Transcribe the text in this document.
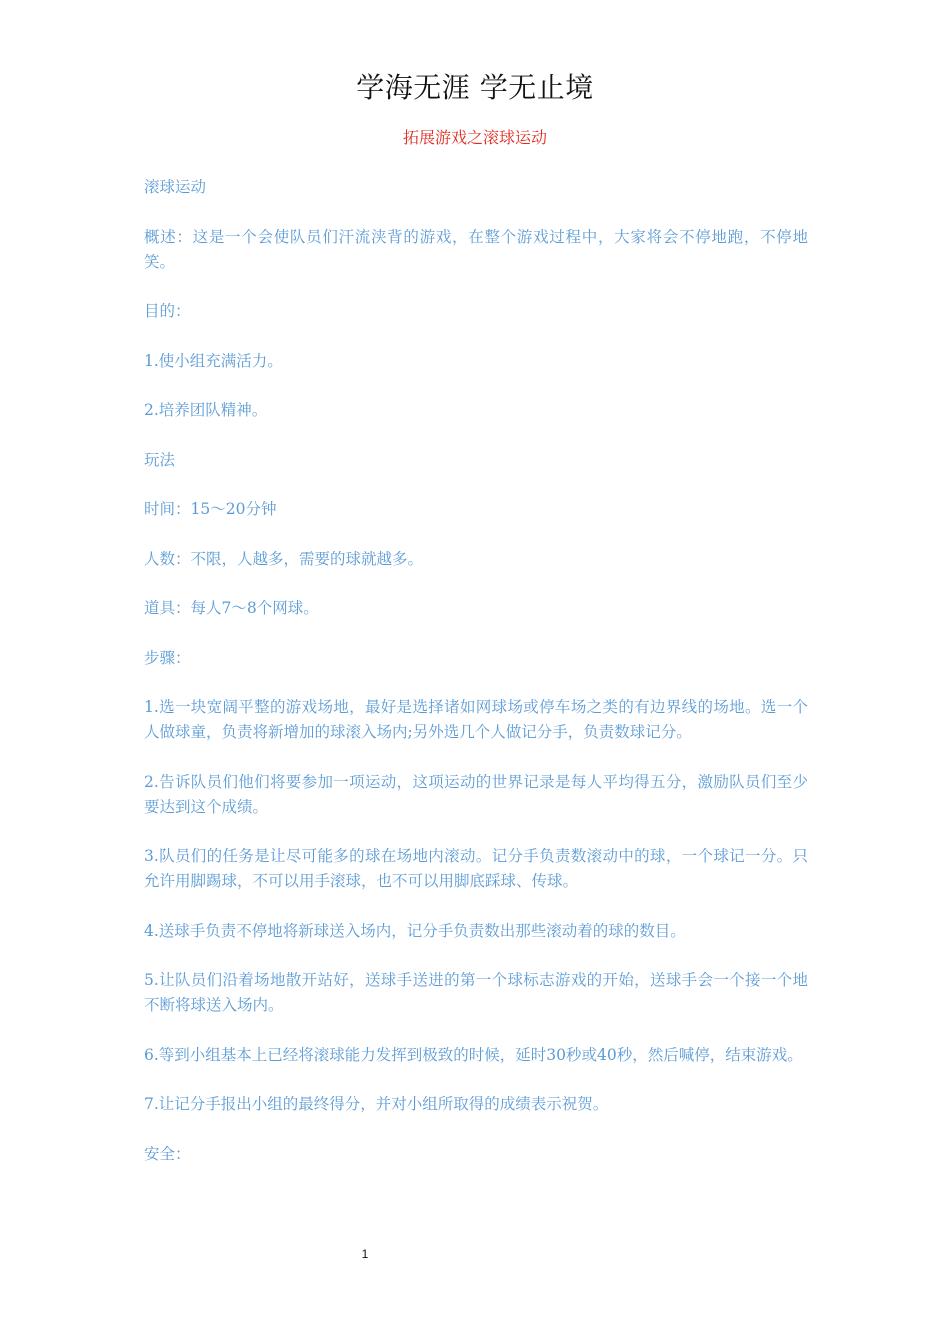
学海无涯 学无止境
拓展游戏之滚球运动

滚球运动

概述：这是一个会使队员们汗流浃背的游戏，在整个游戏过程中，大家将会不停地跑，不停地笑。

目的：

1.使小组充满活力。

2.培养团队精神。

玩法

时间：15～20分钟

人数：不限，人越多，需要的球就越多。

道具：每人7～8个网球。

步骤：

1.选一块宽阔平整的游戏场地，最好是选择诸如网球场或停车场之类的有边界线的场地。选一个人做球童，负责将新增加的球滚入场内;另外选几个人做记分手，负责数球记分。

2.告诉队员们他们将要参加一项运动，这项运动的世界记录是每人平均得五分，激励队员们至少要达到这个成绩。

3.队员们的任务是让尽可能多的球在场地内滚动。记分手负责数滚动中的球，一个球记一分。只允许用脚踢球，不可以用手滚球，也不可以用脚底踩球、传球。

4.送球手负责不停地将新球送入场内，记分手负责数出那些滚动着的球的数目。

5.让队员们沿着场地散开站好，送球手送进的第一个球标志游戏的开始，送球手会一个接一个地不断将球送入场内。

6.等到小组基本上已经将滚球能力发挥到极致的时候，延时30秒或40秒，然后喊停，结束游戏。

7.让记分手报出小组的最终得分，并对小组所取得的成绩表示祝贺。

安全：

1
